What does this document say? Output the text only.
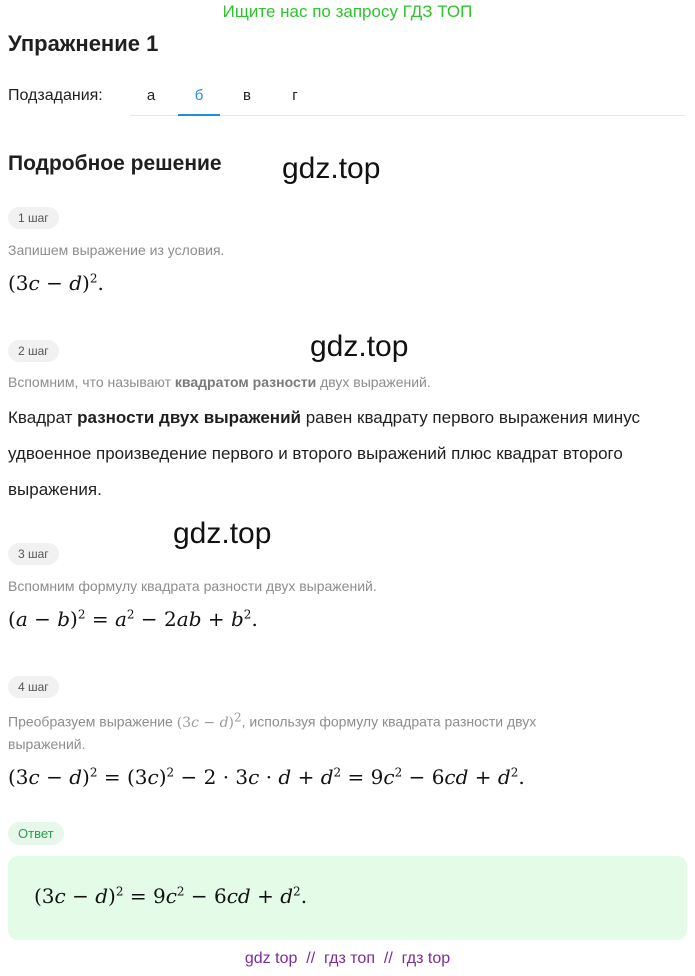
Ищите нас по запросу ГДЗ ТОП
Упражнение 1
Подзадания:	а	б	в	г
Подробное решение gdz.top
gdz.top
gdz.top
1 шаг
Запишем выражение из условия.
$(3c - d)^2$.
2 шаг
Вспомним, что называют квадратом разности двух выражений.
Квадрат разности двух выражений равен квадрату первого выражения минус удвоенное произведение первого и второго выражений плюс квадрат второго выражения.
3 шаг
Вспомним формулу квадрата разности двух выражений.
$(a - b)^2 = a^2 - 2ab + b^2$.
4 шаг
Преобразуем выражение $(3c - d)^2$, используя формулу квадрата разности двух
выражений.
$(3c - d)^2 = (3c)^2 - 2 \cdot 3c \cdot d + d^2 = 9c^2 - 6cd + d^2$.
Ответ
$(3c - d)^2 = 9c^2 - 6cd + d^2$.
gdz top  //  гдз топ  //  гдз top
